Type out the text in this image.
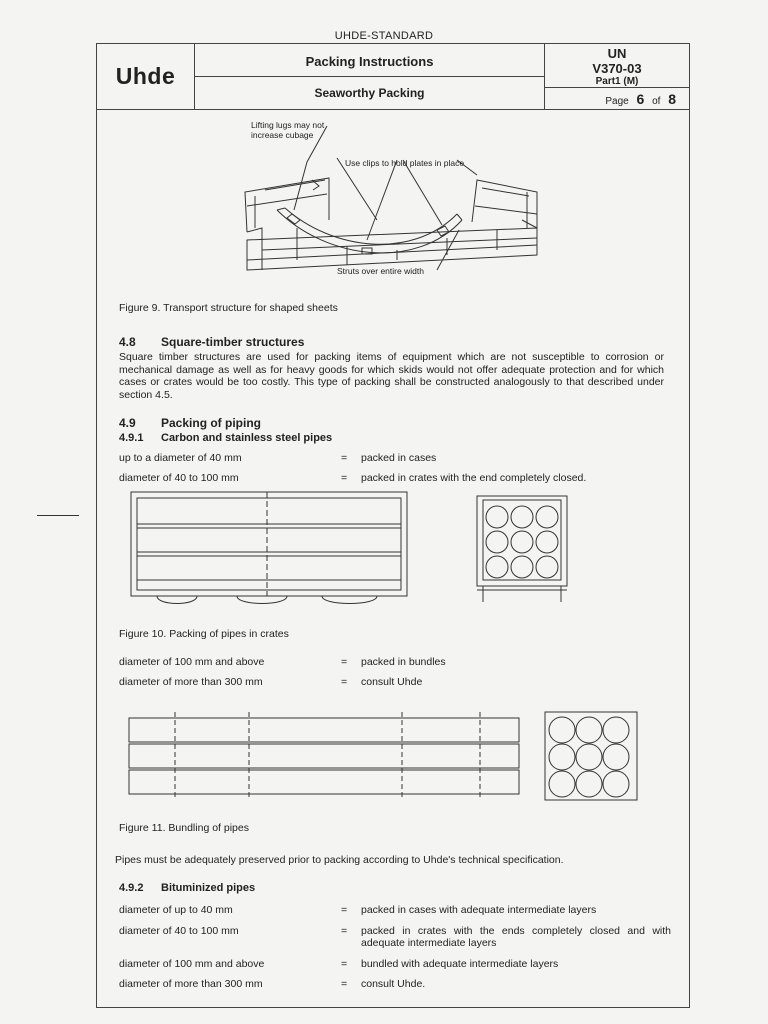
UHDE-STANDARD
Uhde
Packing Instructions
Seaworthy Packing
UN
V370-03
Part1 (M)
Page 6 of 8
Lifting lugs may not increase cubage
Use clips to hold plates in place
Struts over entire width
Figure 9. Transport structure for shaped sheets
4.8 Square-timber structures
Square timber structures are used for packing items of equipment which are not susceptible to corrosion or mechanical damage as well as for heavy goods for which skids would not offer adequate protection and for which cases or crates would be too costly. This type of packing shall be constructed analogously to that described under section 4.5.
4.9 Packing of piping
4.9.1 Carbon and stainless steel pipes
up to a diameter of 40 mm	= packed in cases
diameter of 40 to 100 mm	= packed in crates with the end completely closed.
Figure 10. Packing of pipes in crates
diameter of 100 mm and above	= packed in bundles
diameter of more than 300 mm	= consult Uhde
Figure 11. Bundling of pipes
Pipes must be adequately preserved prior to packing according to Uhde's technical specification.
4.9.2 Bituminized pipes
diameter of up to 40 mm	= packed in cases with adequate intermediate layers
diameter of 40 to 100 mm	= packed in crates with the ends completely closed and with adequate intermediate layers
diameter of 100 mm and above	= bundled with adequate intermediate layers
diameter of more than 300 mm	= consult Uhde.
